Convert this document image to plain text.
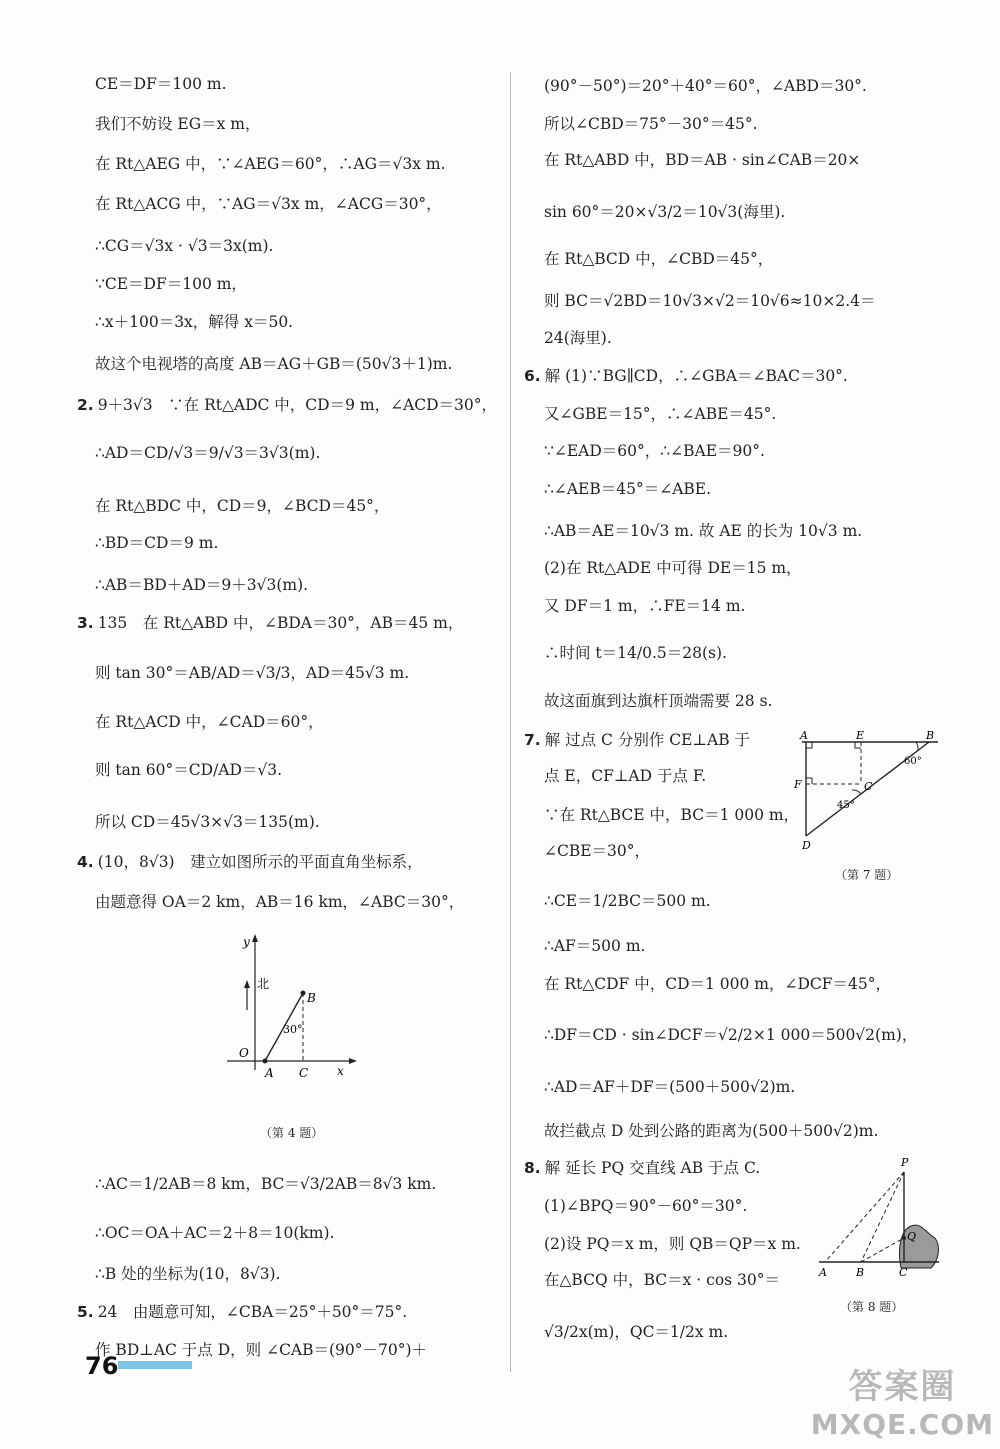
CE＝DF＝100 m.
我们不妨设 EG＝x m，
在 Rt△AEG 中，∵∠AEG＝60°，∴AG＝√3x m.
在 Rt△ACG 中，∵AG＝√3x m，∠ACG＝30°，
∴CG＝√3x · √3＝3x(m).
∵CE＝DF＝100 m，
∴x＋100＝3x，解得 x＝50.
故这个电视塔的高度 AB＝AG＋GB＝(50√3＋1)m.
2. 9＋3√3　∵在 Rt△ADC 中，CD＝9 m，∠ACD＝30°，
∴AD＝CD/√3＝9/√3＝3√3(m).
在 Rt△BDC 中，CD＝9，∠BCD＝45°，
∴BD＝CD＝9 m.
∴AB＝BD＋AD＝9＋3√3(m).
3. 135　在 Rt△ABD 中，∠BDA＝30°，AB＝45 m，
则 tan 30°＝AB/AD＝√3/3，AD＝45√3 m.
在 Rt△ACD 中，∠CAD＝60°，
则 tan 60°＝CD/AD＝√3.
所以 CD＝45√3×√3＝135(m).
4. (10，8√3)　建立如图所示的平面直角坐标系，
由题意得 OA＝2 km，AB＝16 km，∠ABC＝30°，
y
北
B
30°
O
A C x
（第 4 题）
∴AC＝1/2AB＝8 km，BC＝√3/2AB＝8√3 km.
∴OC＝OA＋AC＝2＋8＝10(km).
∴B 处的坐标为(10，8√3).
5. 24　由题意可知，∠CBA＝25°＋50°＝75°.
作 BD⊥AC 于点 D，则 ∠CAB＝(90°－70°)＋
(90°－50°)＝20°＋40°＝60°，∠ABD＝30°.
所以∠CBD＝75°－30°＝45°.
在 Rt△ABD 中，BD＝AB · sin∠CAB＝20×
sin 60°＝20×√3/2＝10√3(海里).
在 Rt△BCD 中，∠CBD＝45°，
则 BC＝√2BD＝10√3×√2＝10√6≈10×2.4＝
24(海里).
6. 解 (1)∵BG∥CD，∴∠GBA＝∠BAC＝30°.
又∠GBE＝15°，∴∠ABE＝45°.
∵∠EAD＝60°，∴∠BAE＝90°.
∴∠AEB＝45°＝∠ABE.
∴AB＝AE＝10√3 m. 故 AE 的长为 10√3 m.
(2)在 Rt△ADE 中可得 DE＝15 m，
又 DF＝1 m，∴FE＝14 m.
∴时间 t＝14/0.5＝28(s).
故这面旗到达旗杆顶端需要 28 s.
7. 解 过点 C 分别作 CE⊥AB 于
点 E，CF⊥AD 于点 F.
∵在 Rt△BCE 中，BC＝1 000 m，
∠CBE＝30°，
∴CE＝1/2BC＝500 m.
∴AF＝500 m.
在 Rt△CDF 中，CD＝1 000 m，∠DCF＝45°，
∴DF＝CD · sin∠DCF＝√2/2×1 000＝500√2(m)，
∴AD＝AF＋DF＝(500＋500√2)m.
故拦截点 D 处到公路的距离为(500＋500√2)m.
8. 解 延长 PQ 交直线 AB 于点 C.
(1)∠BPQ＝90°－60°＝30°.
(2)设 PQ＝x m，则 QB＝QP＝x m.
在△BCQ 中，BC＝x · cos 30°＝
√3/2x(m)，QC＝1/2x m.
A	E	B
60°
F	C
45°
D
（第 7 题）
P
Q
A	B	C
（第 8 题）
76
答案圈
MXQE.COM
